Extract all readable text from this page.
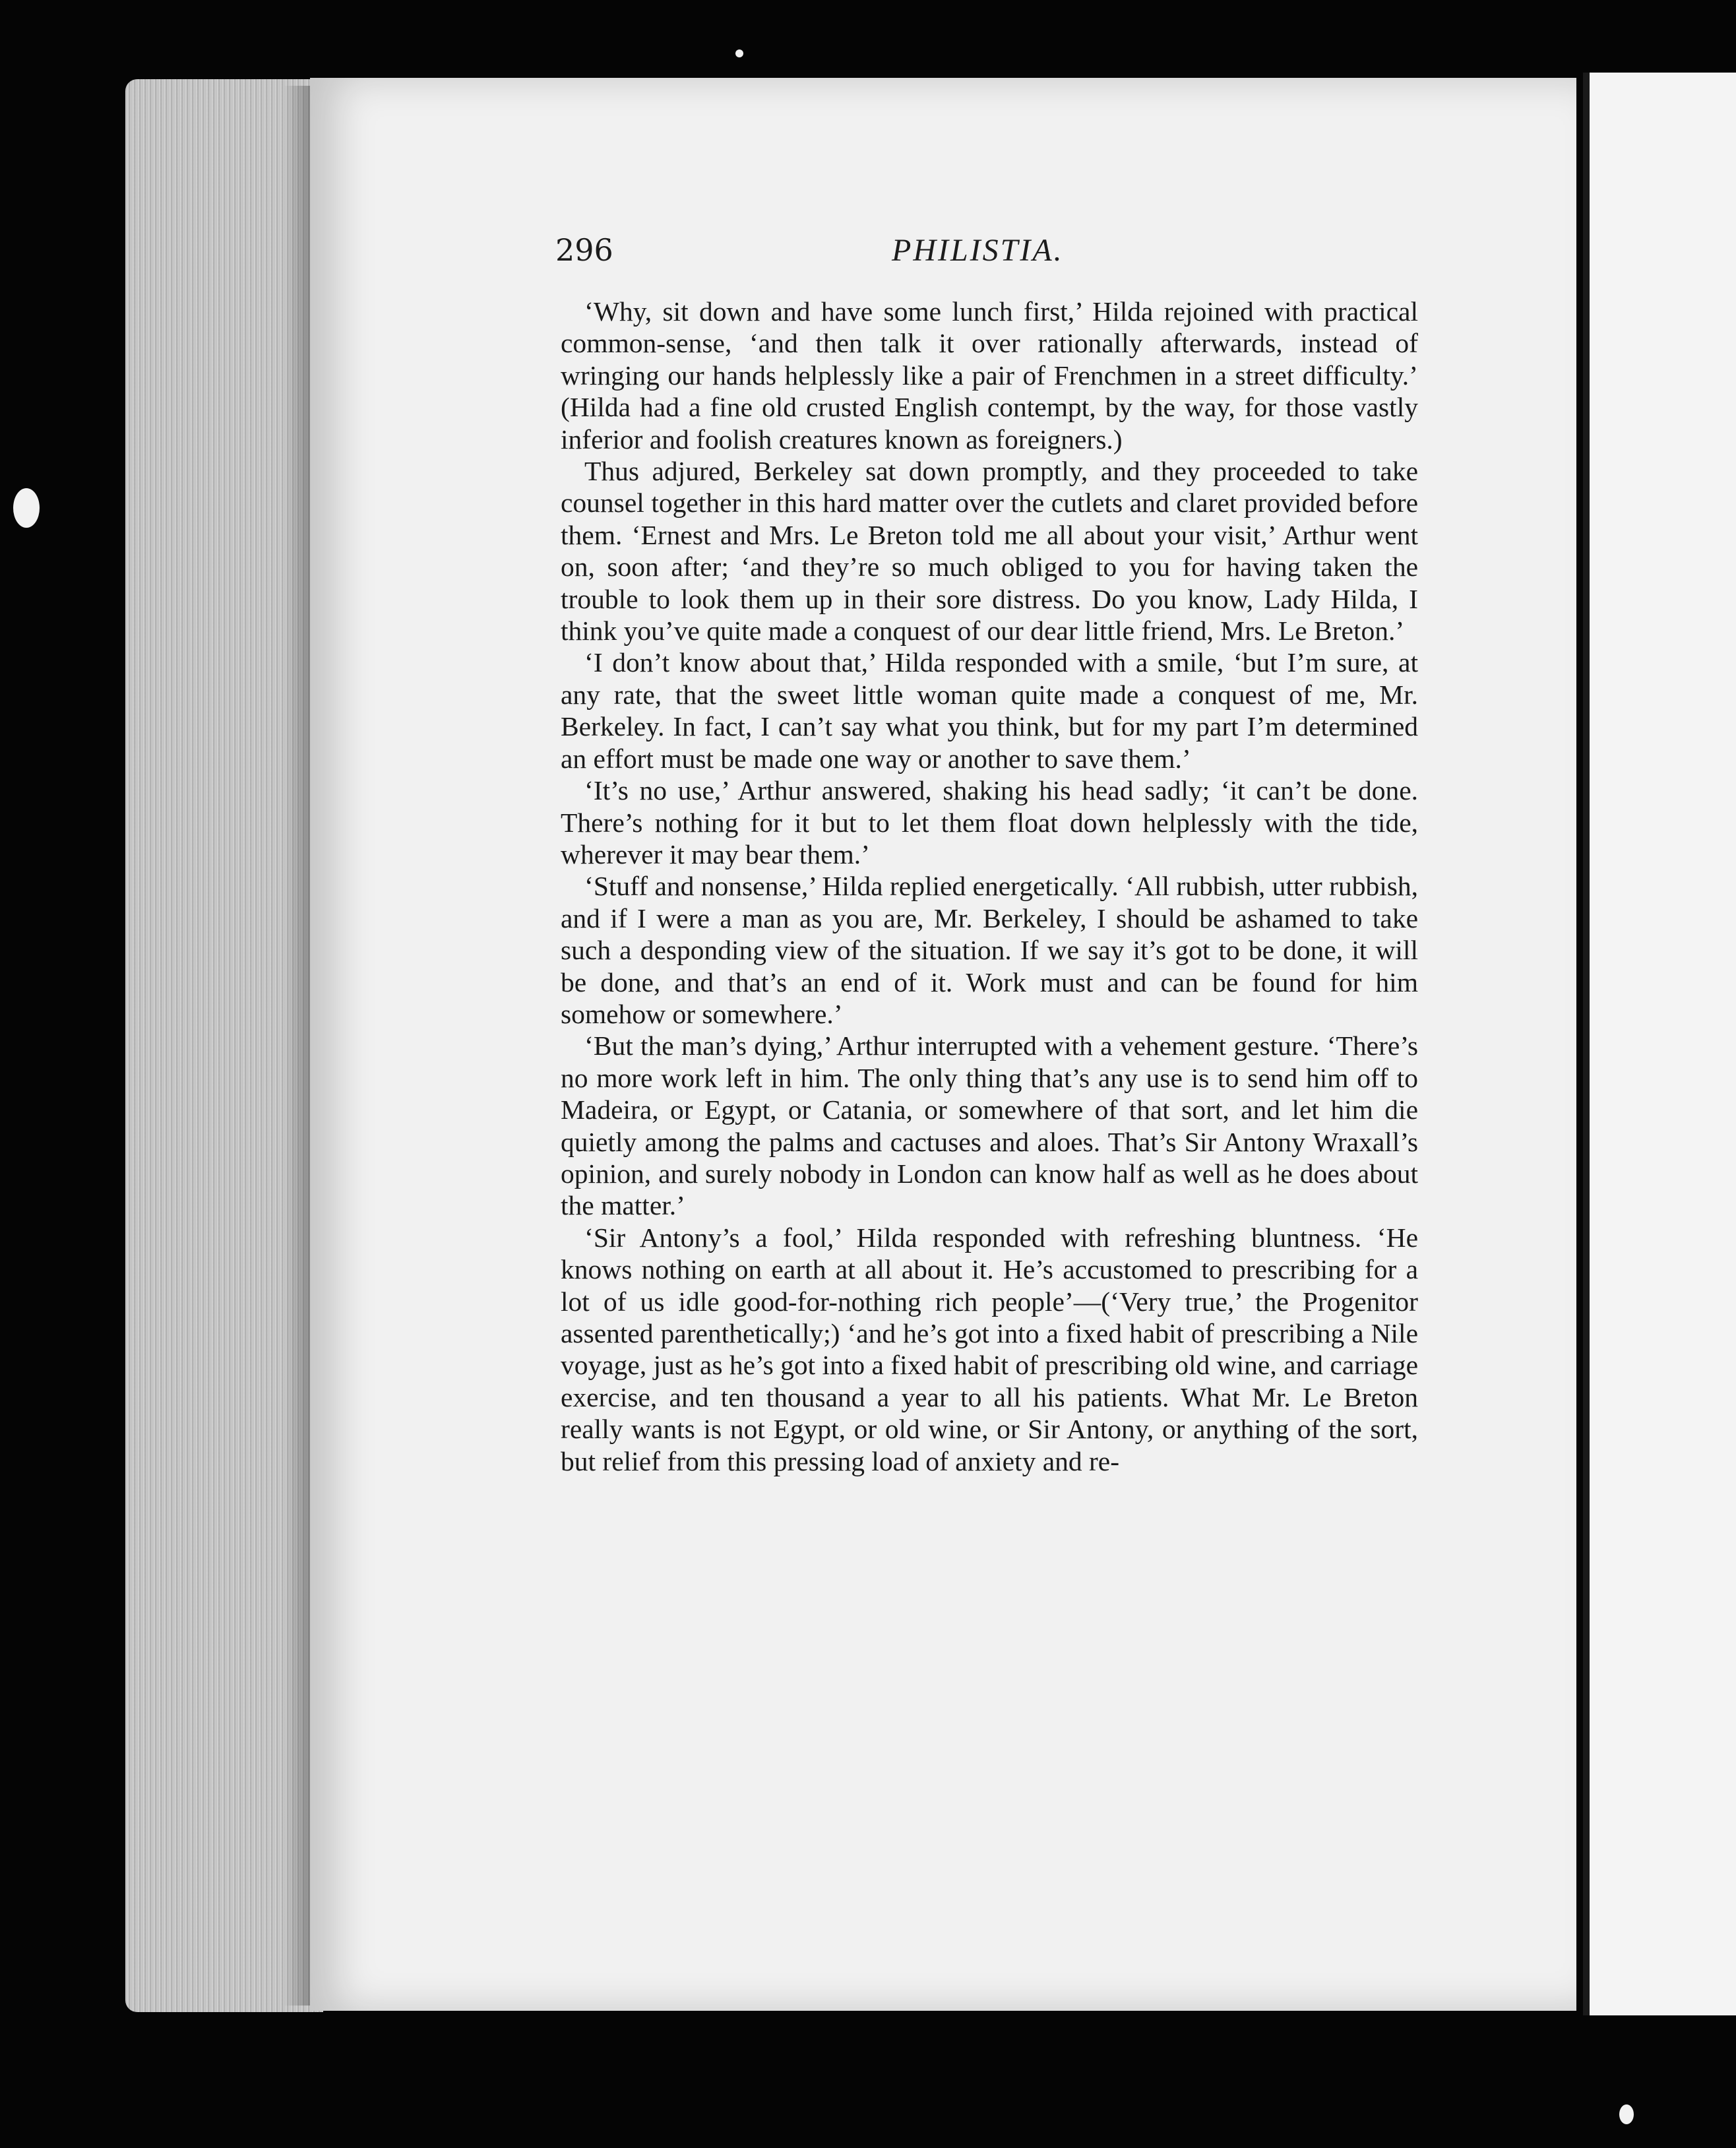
296	PHILISTIA.

‘Why, sit down and have some lunch first,’ Hilda rejoined with practical common-sense, ‘and then talk it over rationally afterwards, instead of wringing our hands helplessly like a pair of Frenchmen in a street difficulty.’ (Hilda had a fine old crusted English contempt, by the way, for those vastly inferior and foolish creatures known as foreigners.)

Thus adjured, Berkeley sat down promptly, and they proceeded to take counsel together in this hard matter over the cutlets and claret provided before them. ‘Ernest and Mrs. Le Breton told me all about your visit,’ Arthur went on, soon after; ‘and they’re so much obliged to you for having taken the trouble to look them up in their sore distress. Do you know, Lady Hilda, I think you’ve quite made a conquest of our dear little friend, Mrs. Le Breton.’

‘I don’t know about that,’ Hilda responded with a smile, ‘but I’m sure, at any rate, that the sweet little woman quite made a conquest of me, Mr. Berkeley. In fact, I can’t say what you think, but for my part I’m determined an effort must be made one way or another to save them.’

‘It’s no use,’ Arthur answered, shaking his head sadly; ‘it can’t be done. There’s nothing for it but to let them float down helplessly with the tide, wherever it may bear them.’

‘Stuff and nonsense,’ Hilda replied energetically. ‘All rubbish, utter rubbish, and if I were a man as you are, Mr. Berkeley, I should be ashamed to take such a desponding view of the situation. If we say it’s got to be done, it will be done, and that’s an end of it. Work must and can be found for him somehow or somewhere.’

‘But the man’s dying,’ Arthur interrupted with a vehement gesture. ‘There’s no more work left in him. The only thing that’s any use is to send him off to Madeira, or Egypt, or Catania, or somewhere of that sort, and let him die quietly among the palms and cactuses and aloes. That’s Sir Antony Wraxall’s opinion, and surely nobody in London can know half as well as he does about the matter.’

‘Sir Antony’s a fool,’ Hilda responded with refreshing bluntness. ‘He knows nothing on earth at all about it. He’s accustomed to prescribing for a lot of us idle good-for-nothing rich people’—(‘Very true,’ the Progenitor assented parenthetically;) ‘and he’s got into a fixed habit of prescribing a Nile voyage, just as he’s got into a fixed habit of prescribing old wine, and carriage exercise, and ten thousand a year to all his patients. What Mr. Le Breton really wants is not Egypt, or old wine, or Sir Antony, or anything of the sort, but relief from this pressing load of anxiety and re-
